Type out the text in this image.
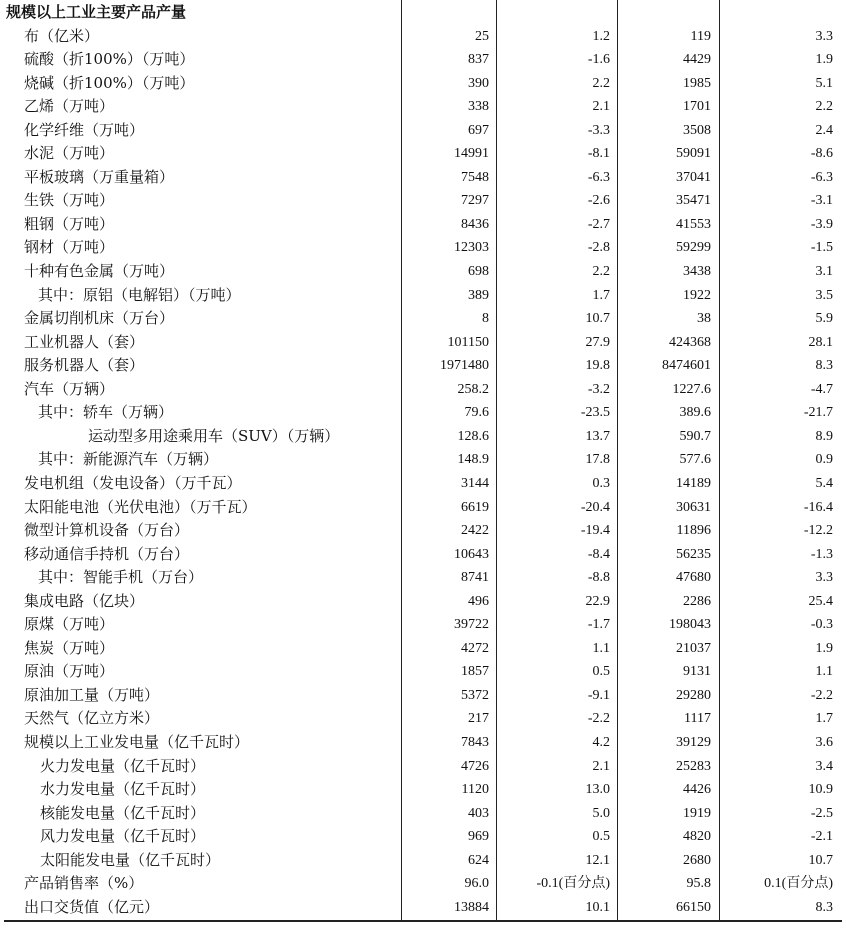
规模以上工业主要产品产量
布（亿米）	25	1.2	119	3.3
硫酸（折100%）（万吨）	837	-1.6	4429	1.9
烧碱（折100%）（万吨）	390	2.2	1985	5.1
乙烯（万吨）	338	2.1	1701	2.2
化学纤维（万吨）	697	-3.3	3508	2.4
水泥（万吨）	14991	-8.1	59091	-8.6
平板玻璃（万重量箱）	7548	-6.3	37041	-6.3
生铁（万吨）	7297	-2.6	35471	-3.1
粗钢（万吨）	8436	-2.7	41553	-3.9
钢材（万吨）	12303	-2.8	59299	-1.5
十种有色金属（万吨）	698	2.2	3438	3.1
其中：原铝（电解铝）（万吨）	389	1.7	1922	3.5
金属切削机床（万台）	8	10.7	38	5.9
工业机器人（套）	101150	27.9	424368	28.1
服务机器人（套）	1971480	19.8	8474601	8.3
汽车（万辆）	258.2	-3.2	1227.6	-4.7
其中：轿车（万辆）	79.6	-23.5	389.6	-21.7
运动型多用途乘用车（SUV）（万辆）	128.6	13.7	590.7	8.9
其中：新能源汽车（万辆）	148.9	17.8	577.6	0.9
发电机组（发电设备）（万千瓦）	3144	0.3	14189	5.4
太阳能电池（光伏电池）（万千瓦）	6619	-20.4	30631	-16.4
微型计算机设备（万台）	2422	-19.4	11896	-12.2
移动通信手持机（万台）	10643	-8.4	56235	-1.3
其中：智能手机（万台）	8741	-8.8	47680	3.3
集成电路（亿块）	496	22.9	2286	25.4
原煤（万吨）	39722	-1.7	198043	-0.3
焦炭（万吨）	4272	1.1	21037	1.9
原油（万吨）	1857	0.5	9131	1.1
原油加工量（万吨）	5372	-9.1	29280	-2.2
天然气（亿立方米）	217	-2.2	1117	1.7
规模以上工业发电量（亿千瓦时）	7843	4.2	39129	3.6
火力发电量（亿千瓦时）	4726	2.1	25283	3.4
水力发电量（亿千瓦时）	1120	13.0	4426	10.9
核能发电量（亿千瓦时）	403	5.0	1919	-2.5
风力发电量（亿千瓦时）	969	0.5	4820	-2.1
太阳能发电量（亿千瓦时）	624	12.1	2680	10.7
产品销售率（%）	96.0	-0.1(百分点)	95.8	0.1(百分点)
出口交货值（亿元）	13884	10.1	66150	8.3
